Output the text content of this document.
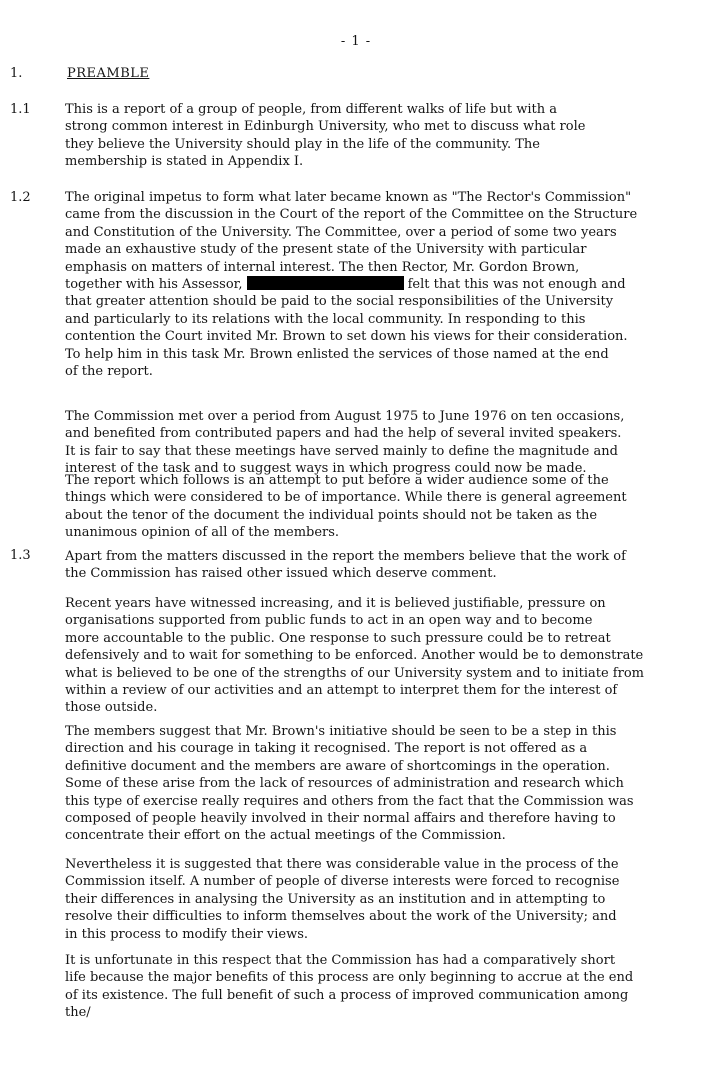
- 1 -
1.	PREAMBLE
1.1	This is a report of a group of people, from different walks of life but with a
strong common interest in Edinburgh University, who met to discuss what role
they believe the University should play in the life of the community. The
membership is stated in Appendix I.
1.2	The original impetus to form what later became known as "The Rector's Commission"
came from the discussion in the Court of the report of the Committee on the Structure
and Constitution of the University. The Committee, over a period of some two years
made an exhaustive study of the present state of the University with particular
emphasis on matters of internal interest. The then Rector, Mr. Gordon Brown,
together with his Assessor,	felt that this was not enough and
that greater attention should be paid to the social responsibilities of the University
and particularly to its relations with the local community. In responding to this
contention the Court invited Mr. Brown to set down his views for their consideration.
To help him in this task Mr. Brown enlisted the services of those named at the end
of the report.
The Commission met over a period from August 1975 to June 1976 on ten occasions,
and benefited from contributed papers and had the help of several invited speakers.
It is fair to say that these meetings have served mainly to define the magnitude and
interest of the task and to suggest ways in which progress could now be made.
The report which follows is an attempt to put before a wider audience some of the
things which were considered to be of importance. While there is general agreement
about the tenor of the document the individual points should not be taken as the
unanimous opinion of all of the members.
1.3	Apart from the matters discussed in the report the members believe that the work of
the Commission has raised other issued which deserve comment.
Recent years have witnessed increasing, and it is believed justifiable, pressure on
organisations supported from public funds to act in an open way and to become
more accountable to the public. One response to such pressure could be to retreat
defensively and to wait for something to be enforced. Another would be to demonstrate
what is believed to be one of the strengths of our University system and to initiate from
within a review of our activities and an attempt to interpret them for the interest of
those outside.
The members suggest that Mr. Brown's initiative should be seen to be a step in this
direction and his courage in taking it recognised. The report is not offered as a
definitive document and the members are aware of shortcomings in the operation.
Some of these arise from the lack of resources of administration and research which
this type of exercise really requires and others from the fact that the Commission was
composed of people heavily involved in their normal affairs and therefore having to
concentrate their effort on the actual meetings of the Commission.
Nevertheless it is suggested that there was considerable value in the process of the
Commission itself. A number of people of diverse interests were forced to recognise
their differences in analysing the University as an institution and in attempting to
resolve their difficulties to inform themselves about the work of the University; and
in this process to modify their views.
It is unfortunate in this respect that the Commission has had a comparatively short
life because the major benefits of this process are only beginning to accrue at the end
of its existence. The full benefit of such a process of improved communication among
the/
